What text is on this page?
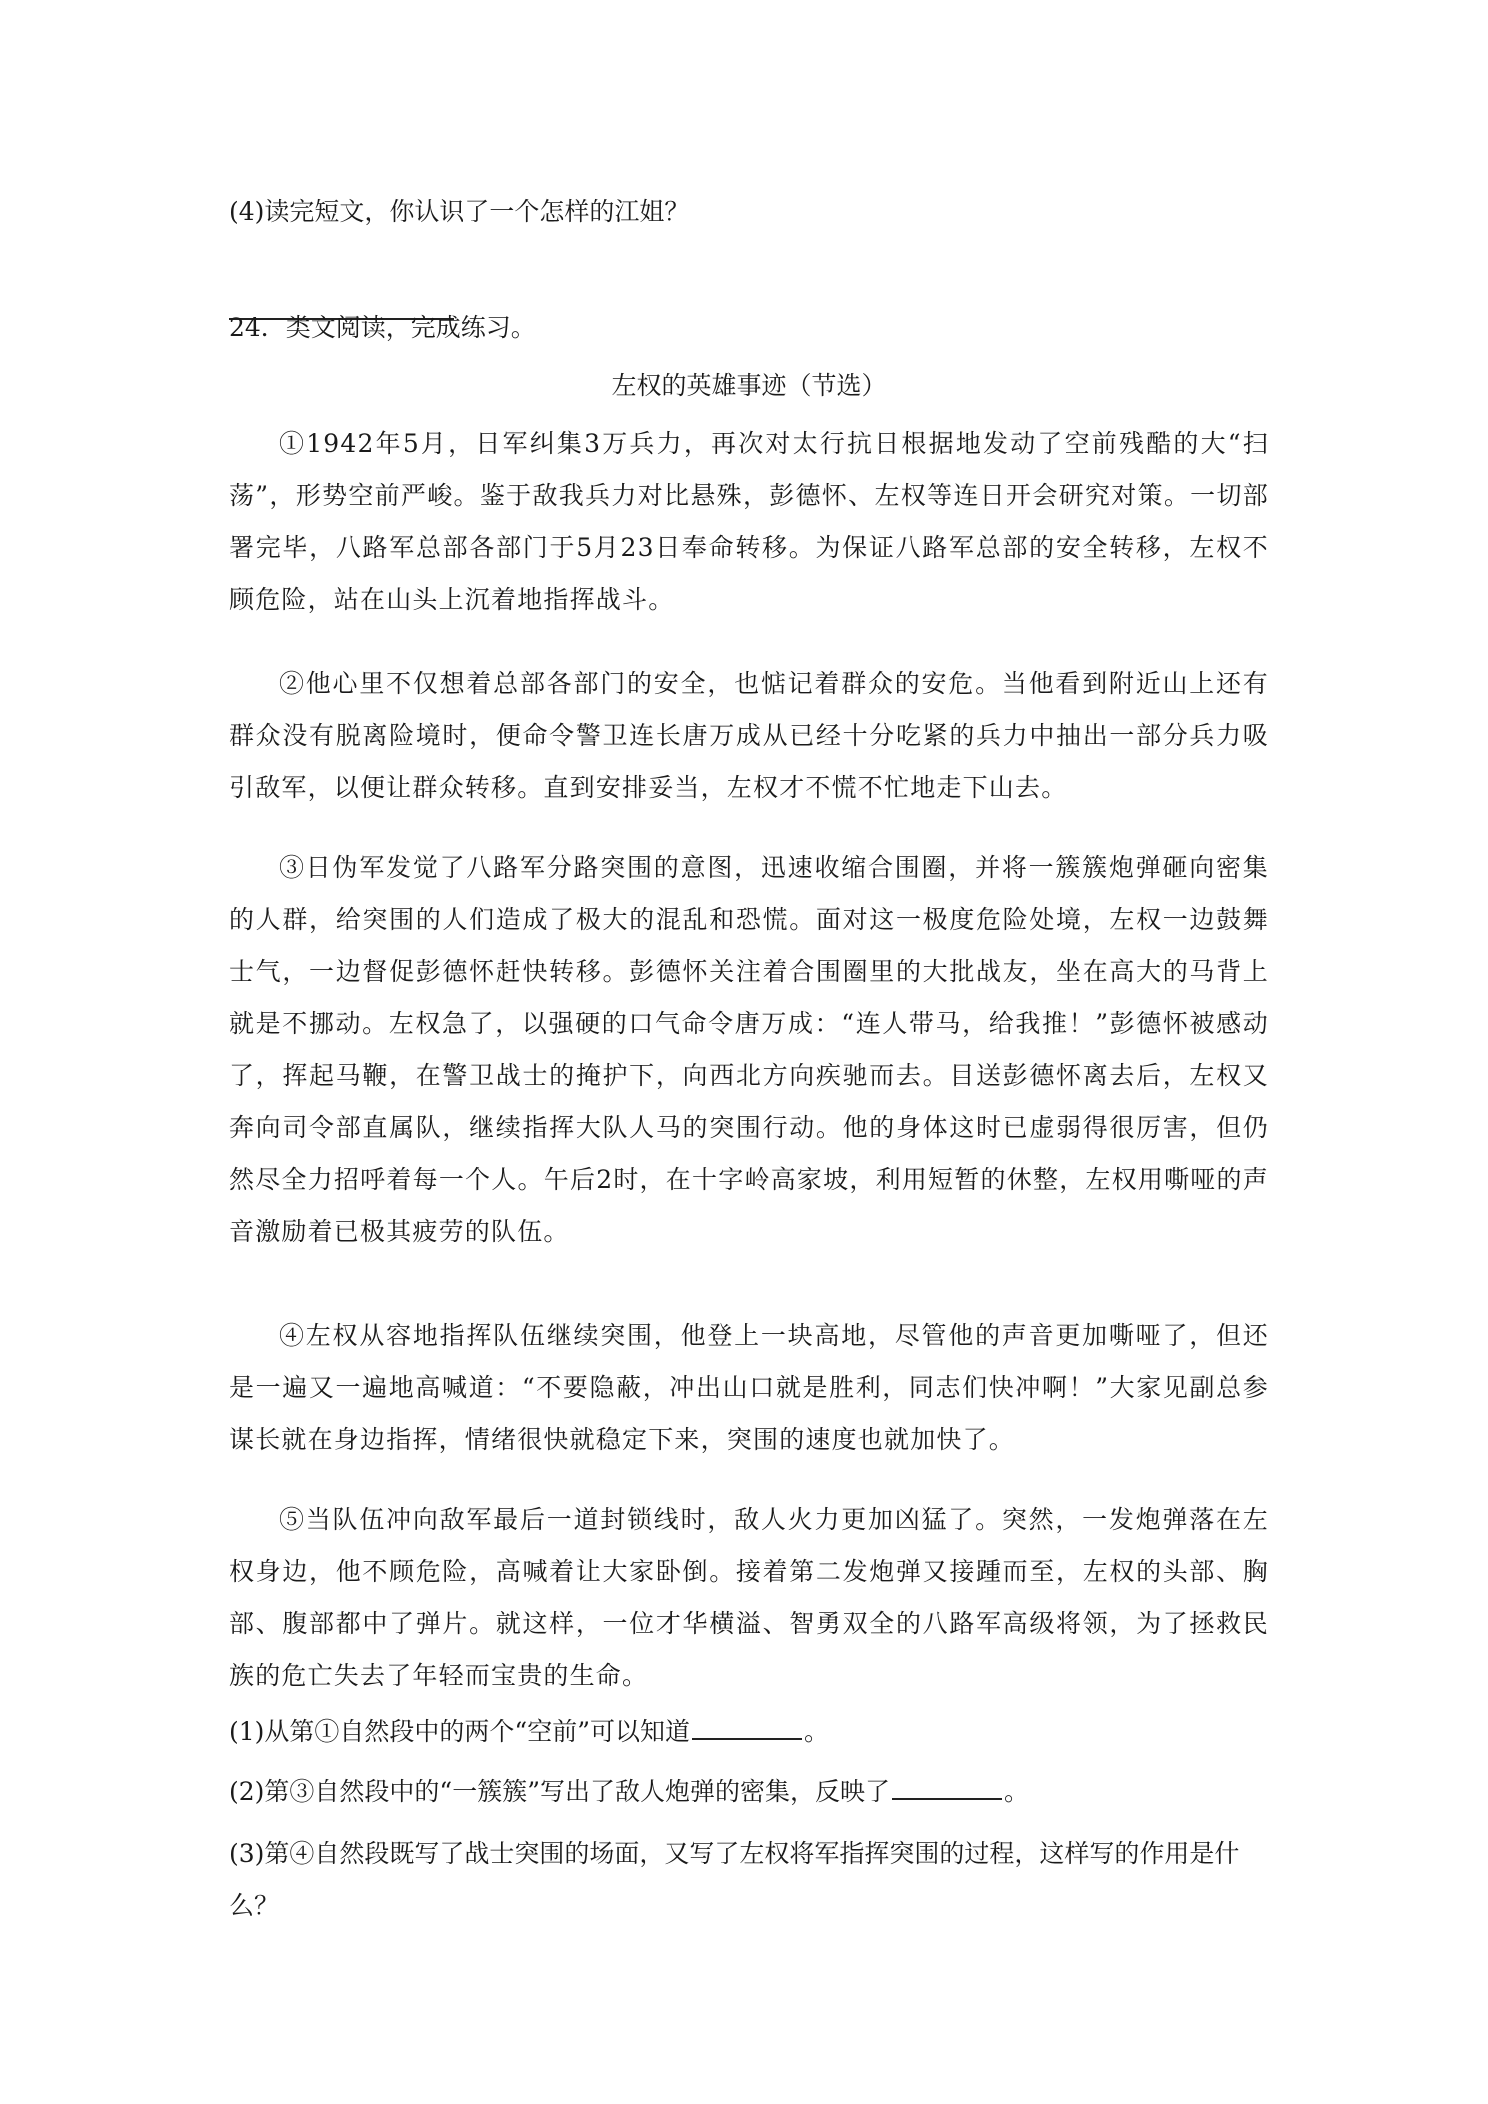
(4)读完短文，你认识了一个怎样的江姐？
24．类文阅读，完成练习。
左权的英雄事迹（节选）
①1942年5月，日军纠集3万兵力，再次对太行抗日根据地发动了空前残酷的大“扫荡”，形势空前严峻。鉴于敌我兵力对比悬殊，彭德怀、左权等连日开会研究对策。一切部署完毕，八路军总部各部门于5月23日奉命转移。为保证八路军总部的安全转移，左权不顾危险，站在山头上沉着地指挥战斗。
②他心里不仅想着总部各部门的安全，也惦记着群众的安危。当他看到附近山上还有群众没有脱离险境时，便命令警卫连长唐万成从已经十分吃紧的兵力中抽出一部分兵力吸引敌军，以便让群众转移。直到安排妥当，左权才不慌不忙地走下山去。
③日伪军发觉了八路军分路突围的意图，迅速收缩合围圈，并将一簇簇炮弹砸向密集的人群，给突围的人们造成了极大的混乱和恐慌。面对这一极度危险处境，左权一边鼓舞士气，一边督促彭德怀赶快转移。彭德怀关注着合围圈里的大批战友，坐在高大的马背上就是不挪动。左权急了，以强硬的口气命令唐万成：“连人带马，给我推！”彭德怀被感动了，挥起马鞭，在警卫战士的掩护下，向西北方向疾驰而去。目送彭德怀离去后，左权又奔向司令部直属队，继续指挥大队人马的突围行动。他的身体这时已虚弱得很厉害，但仍然尽全力招呼着每一个人。午后2时，在十字岭高家坡，利用短暂的休整，左权用嘶哑的声音激励着已极其疲劳的队伍。
④左权从容地指挥队伍继续突围，他登上一块高地，尽管他的声音更加嘶哑了，但还是一遍又一遍地高喊道：“不要隐蔽，冲出山口就是胜利，同志们快冲啊！”大家见副总参谋长就在身边指挥，情绪很快就稳定下来，突围的速度也就加快了。
⑤当队伍冲向敌军最后一道封锁线时，敌人火力更加凶猛了。突然，一发炮弹落在左权身边，他不顾危险，高喊着让大家卧倒。接着第二发炮弹又接踵而至，左权的头部、胸部、腹部都中了弹片。就这样，一位才华横溢、智勇双全的八路军高级将领，为了拯救民族的危亡失去了年轻而宝贵的生命。
(1)从第①自然段中的两个“空前”可以知道	。
(2)第③自然段中的“一簇簇”写出了敌人炮弹的密集，反映了	。
(3)第④自然段既写了战士突围的场面，又写了左权将军指挥突围的过程，这样写的作用是什么？
